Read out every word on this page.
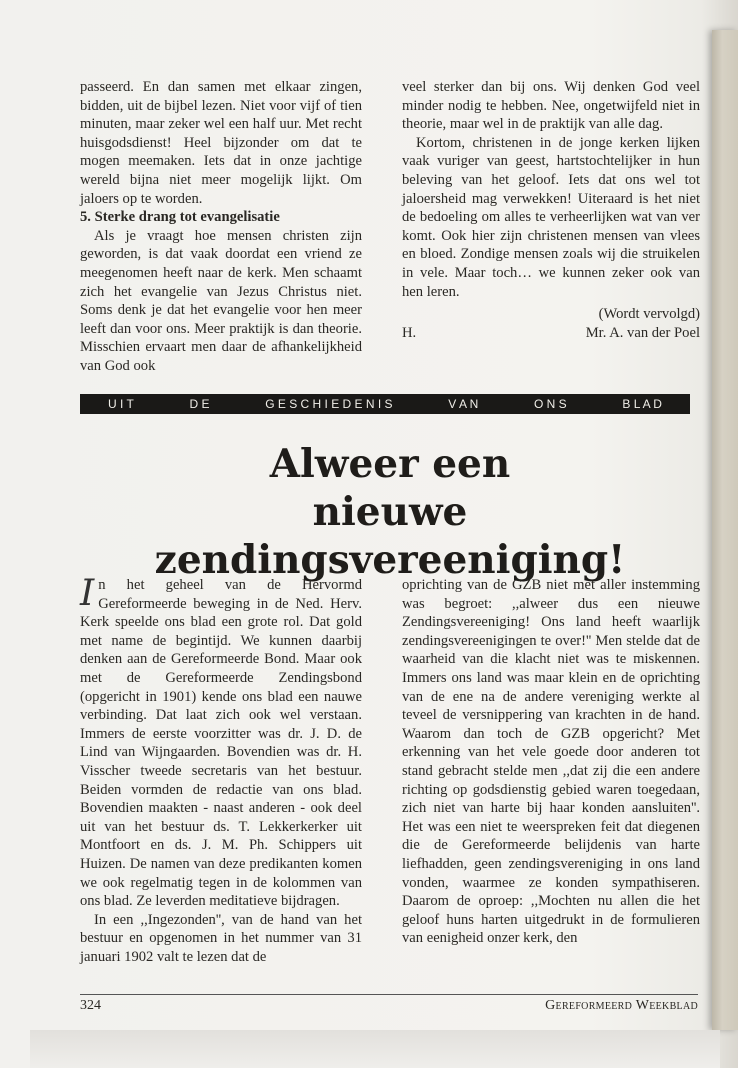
passeerd. En dan samen met elkaar zingen, bidden, uit de bijbel lezen. Niet voor vijf of tien minuten, maar zeker wel een half uur. Met recht huisgodsdienst! Heel bijzonder om dat te mogen meemaken. Iets dat in onze jachtige wereld bijna niet meer mogelijk lijkt. Om jaloers op te worden.

5. Sterke drang tot evangelisatie

Als je vraagt hoe mensen christen zijn geworden, is dat vaak doordat een vriend ze meegenomen heeft naar de kerk. Men schaamt zich het evangelie van Jezus Christus niet. Soms denk je dat het evangelie voor hen meer leeft dan voor ons. Meer praktijk is dan theorie. Misschien ervaart men daar de afhankelijkheid van God ook

veel sterker dan bij ons. Wij denken God veel minder nodig te hebben. Nee, ongetwijfeld niet in theorie, maar wel in de praktijk van alle dag.

Kortom, christenen in de jonge kerken lijken vaak vuriger van geest, hartstochtelijker in hun beleving van het geloof. Iets dat ons wel tot jaloersheid mag verwekken! Uiteraard is het niet de bedoeling om alles te verheerlijken wat van ver komt. Ook hier zijn christenen mensen van vlees en bloed. Zondige mensen zoals wij die struikelen in vele. Maar toch… we kunnen zeker ook van hen leren.

(Wordt vervolgd)

H.	Mr. A. van der Poel
U I T	D E	G E S C H I E D E N I S	V A N	O N S	B L A D
Alweer een
nieuwe zendingsvereeniging!

In het geheel van de Hervormd Gereformeerde beweging in de Ned. Herv. Kerk speelde ons blad een grote rol. Dat gold met name de begintijd. We kunnen daarbij denken aan de Gereformeerde Bond. Maar ook met de Gereformeerde Zendingsbond (opgericht in 1901) kende ons blad een nauwe verbinding. Dat laat zich ook wel verstaan. Immers de eerste voorzitter was dr. J. D. de Lind van Wijngaarden. Bovendien was dr. H. Visscher tweede secretaris van het bestuur. Beiden vormden de redactie van ons blad. Bovendien maakten - naast anderen - ook deel uit van het bestuur ds. T. Lekkerkerker uit Montfoort en ds. J. M. Ph. Schippers uit Huizen. De namen van deze predikanten komen we ook regelmatig tegen in de kolommen van ons blad. Ze leverden meditatieve bijdragen.

In een ,,Ingezonden'', van de hand van het bestuur en opgenomen in het nummer van 31 januari 1902 valt te lezen dat de

oprichting van de GZB niet met aller instemming was begroet: ,,alweer dus een nieuwe Zendingsvereeniging! Ons land heeft waarlijk zendingsvereenigingen te over!'' Men stelde dat de waarheid van die klacht niet was te miskennen. Immers ons land was maar klein en de oprichting van de ene na de andere vereniging werkte al teveel de versnippering van krachten in de hand. Waarom dan toch de GZB opgericht? Met erkenning van het vele goede door anderen tot stand gebracht stelde men ,,dat zij die een andere richting op godsdienstig gebied waren toegedaan, zich niet van harte bij haar konden aansluiten''. Het was een niet te weerspreken feit dat diegenen die de Gereformeerde belijdenis van harte liefhadden, geen zendingsvereniging in ons land vonden, waarmee ze konden sympathiseren. Daarom de oproep: ,,Mochten nu allen die het geloof huns harten uitgedrukt in de formulieren van eenigheid onzer kerk, den

324	Gereformeerd Weekblad
